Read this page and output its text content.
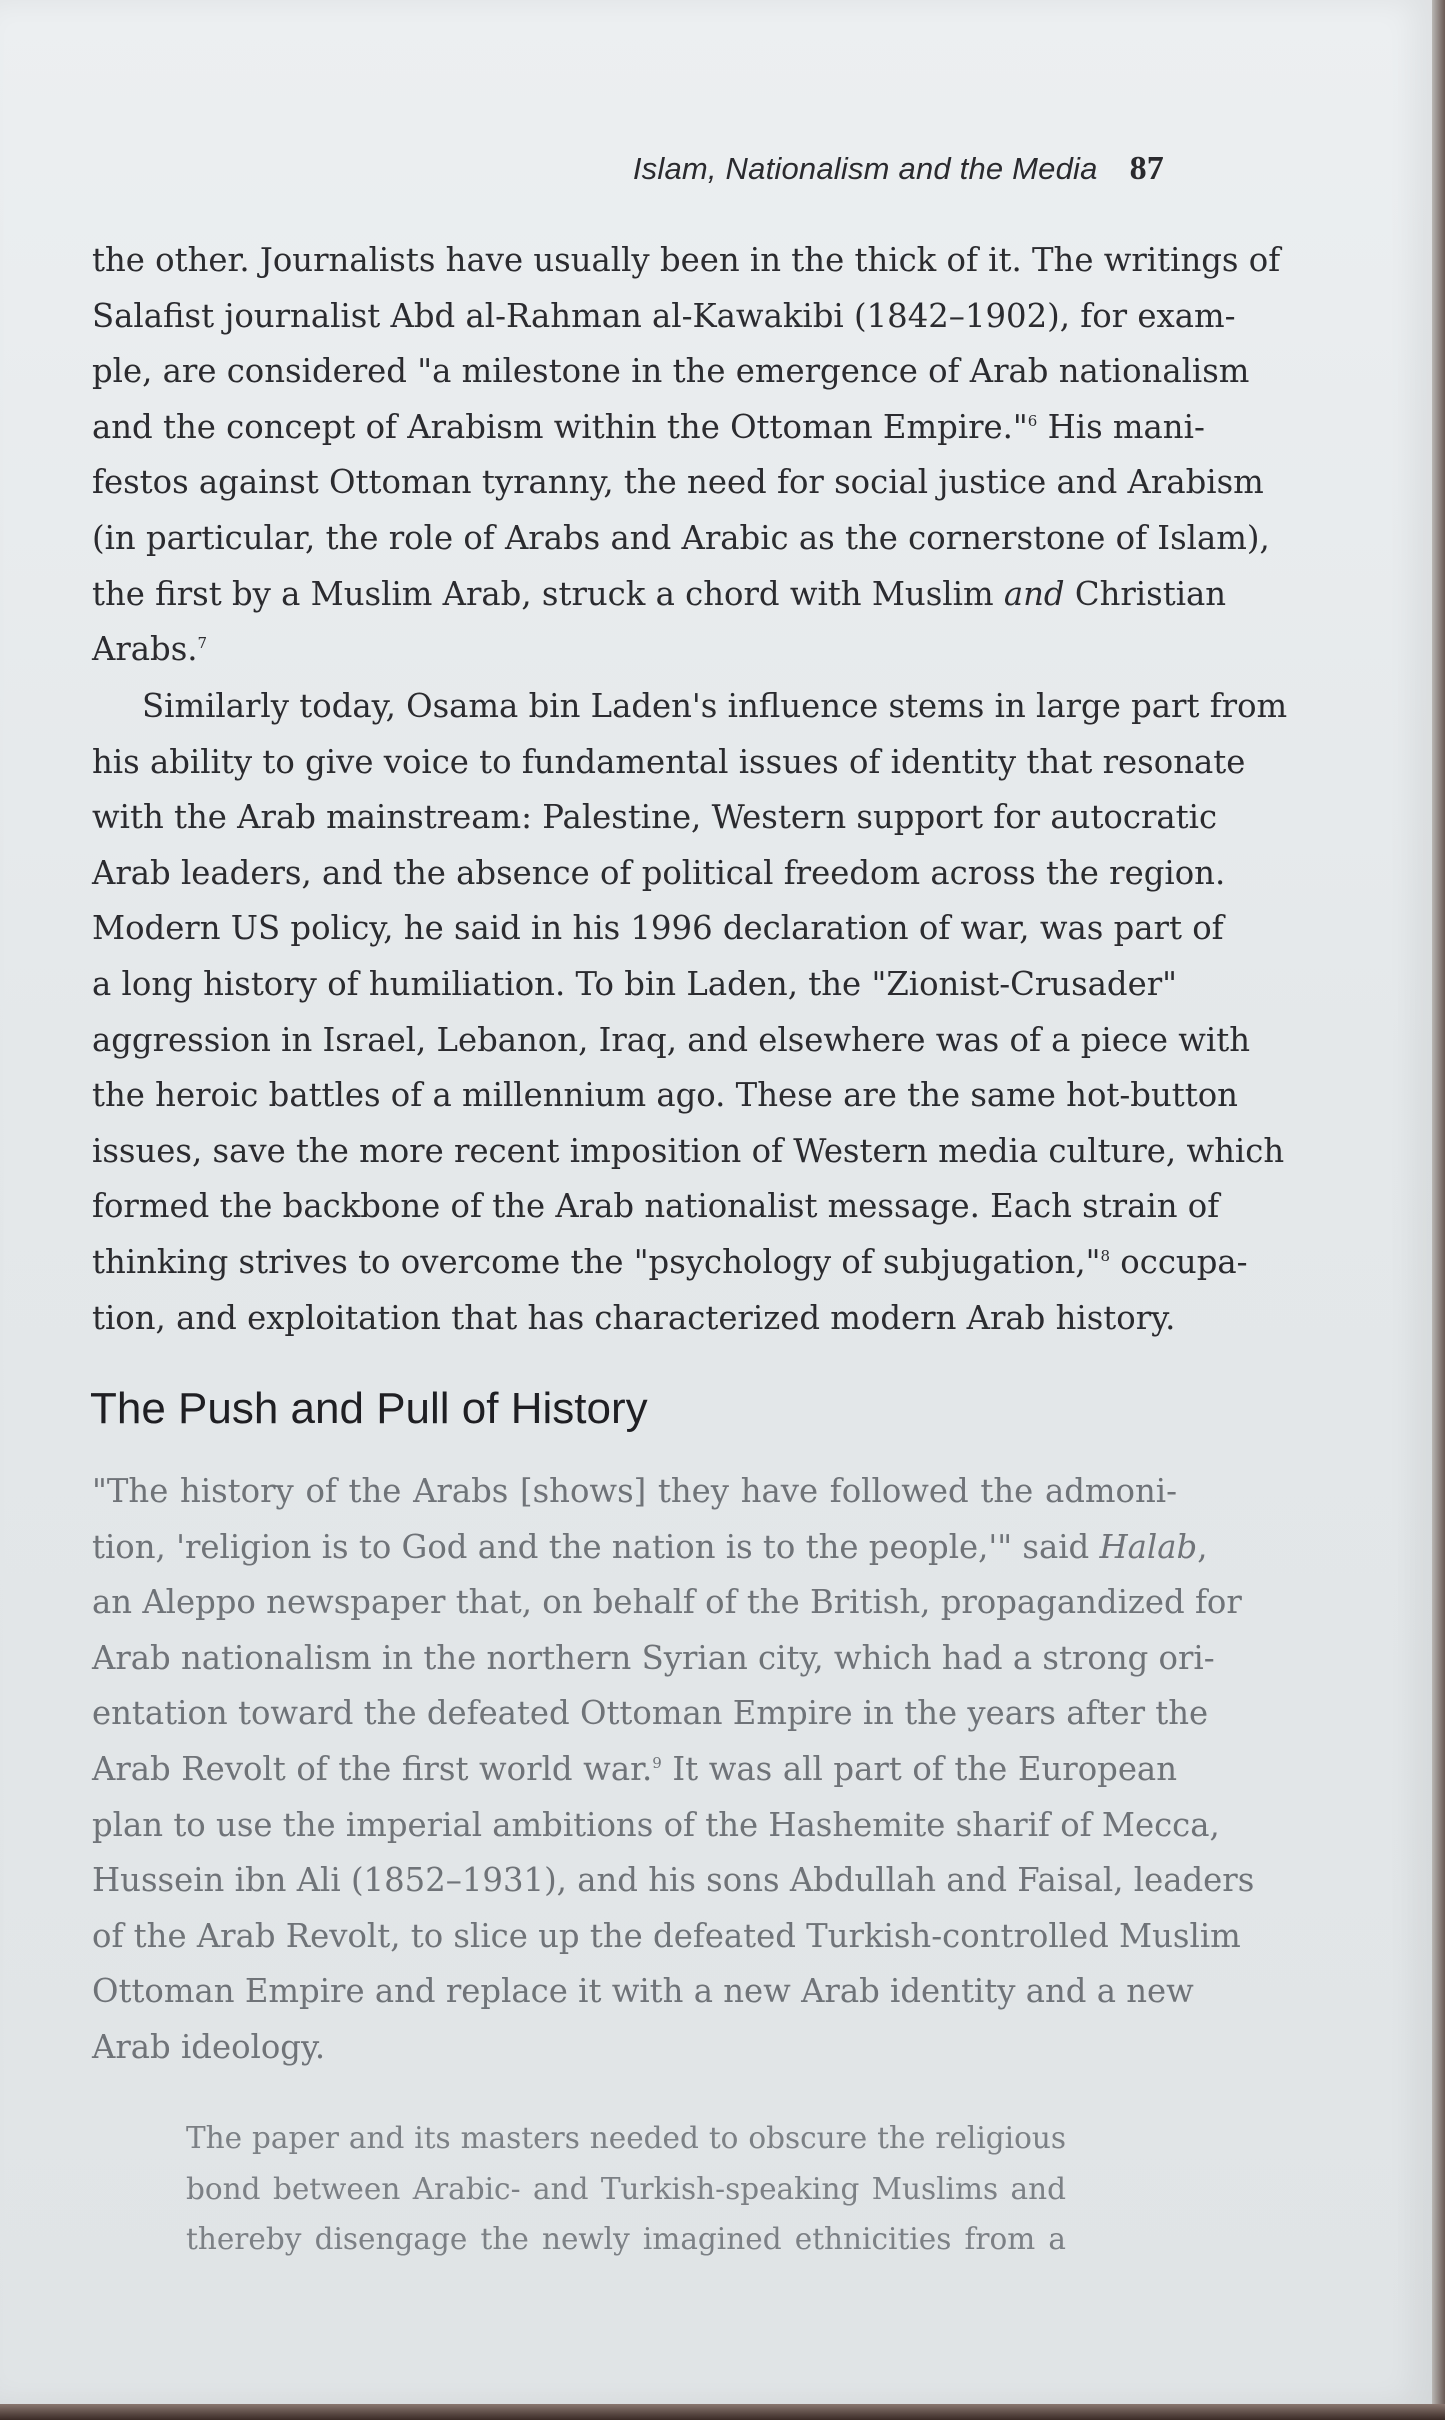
Islam, Nationalism and the Media 87
the other. Journalists have usually been in the thick of it. The writings of
Salafist journalist Abd al-Rahman al-Kawakibi (1842–1902), for exam-
ple, are considered "a milestone in the emergence of Arab nationalism
and the concept of Arabism within the Ottoman Empire."$^6$ His mani-
festos against Ottoman tyranny, the need for social justice and Arabism
(in particular, the role of Arabs and Arabic as the cornerstone of Islam),
the first by a Muslim Arab, struck a chord with Muslim and Christian
Arabs.$^7$
Similarly today, Osama bin Laden's influence stems in large part from
his ability to give voice to fundamental issues of identity that resonate
with the Arab mainstream: Palestine, Western support for autocratic
Arab leaders, and the absence of political freedom across the region.
Modern US policy, he said in his 1996 declaration of war, was part of
a long history of humiliation. To bin Laden, the "Zionist-Crusader"
aggression in Israel, Lebanon, Iraq, and elsewhere was of a piece with
the heroic battles of a millennium ago. These are the same hot-button
issues, save the more recent imposition of Western media culture, which
formed the backbone of the Arab nationalist message. Each strain of
thinking strives to overcome the "psychology of subjugation,"$^8$ occupa-
tion, and exploitation that has characterized modern Arab history.
The Push and Pull of History
"The history of the Arabs [shows] they have followed the admoni-
tion, 'religion is to God and the nation is to the people,'" said Halab,
an Aleppo newspaper that, on behalf of the British, propagandized for
Arab nationalism in the northern Syrian city, which had a strong ori-
entation toward the defeated Ottoman Empire in the years after the
Arab Revolt of the first world war.$^9$ It was all part of the European
plan to use the imperial ambitions of the Hashemite sharif of Mecca,
Hussein ibn Ali (1852–1931), and his sons Abdullah and Faisal, leaders
of the Arab Revolt, to slice up the defeated Turkish-controlled Muslim
Ottoman Empire and replace it with a new Arab identity and a new
Arab ideology.
The paper and its masters needed to obscure the religious
bond between Arabic- and Turkish-speaking Muslims and
thereby disengage the newly imagined ethnicities from a
